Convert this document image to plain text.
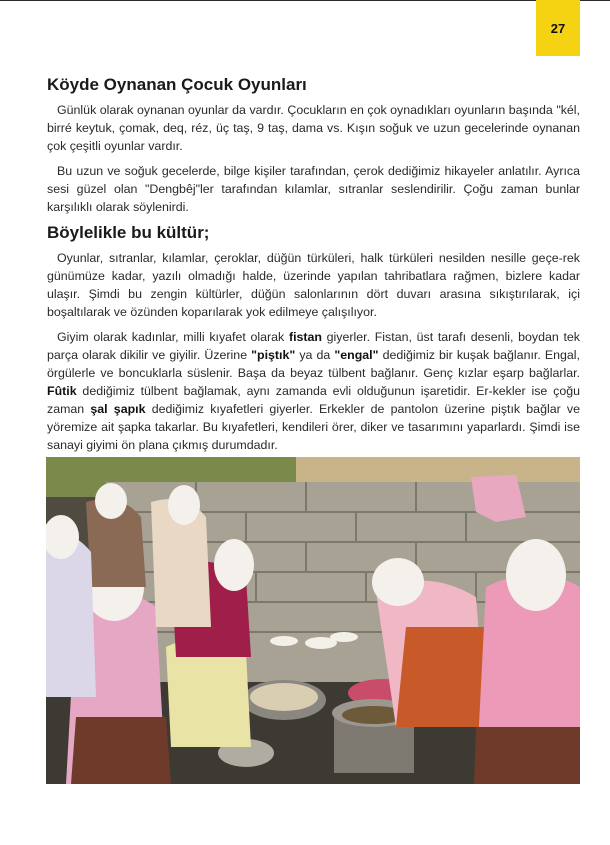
27
Köyde Oynanan Çocuk Oyunları

Günlük olarak oynanan oyunlar da vardır. Çocukların en çok oynadıkları oyunların başında "kél, birré keytuk, çomak, deq, réz, üç taş, 9 taş, dama vs. Kışın soğuk ve uzun gecelerinde oynanan çok çeşitli oyunlar vardır.

Bu uzun ve soğuk gecelerde, bilge kişiler tarafından, çerok dediğimiz hikayeler anlatılır. Ayrıca sesi güzel olan "Dengbêj"ler tarafından kılamlar, sıtranlar seslendirilir. Çoğu zaman bunlar karşılıklı olarak söylenirdi.

Böylelikle bu kültür;

Oyunlar, sıtranlar, kılamlar, çeroklar, düğün türküleri, halk türküleri nesilden nesille geçe-rek günümüze kadar, yazılı olmadığı halde, üzerinde yapılan tahribatlara rağmen, bizlere kadar ulaşır. Şimdi bu zengin kültürler, düğün salonlarının dört duvarı arasına sıkıştırılarak, içi boşaltılarak ve özünden koparılarak yok edilmeye çalışılıyor.

Giyim olarak kadınlar, milli kıyafet olarak fistan giyerler. Fistan, üst tarafı desenli, boydan tek parça olarak dikilir ve giyilir. Üzerine "piştık" ya da "engal" dediğimiz bir kuşak bağlanır. Engal, örgülerle ve boncuklarla süslenir. Başa da beyaz tülbent bağlanır. Genç kızlar eşarp bağlarlar. Fûtik dediğimiz tülbent bağlamak, aynı zamanda evli olduğunun işaretidir. Er-kekler ise çoğu zaman şal şapık dediğimiz kıyafetleri giyerler. Erkekler de pantolon üzerine piştık bağlar ve yöremize ait şapka takarlar. Bu kıyafetleri, kendileri örer, diker ve tasarımını yaparlardı. Şimdi ise sanayi giyimi ön plana çıkmış durumdadır.
